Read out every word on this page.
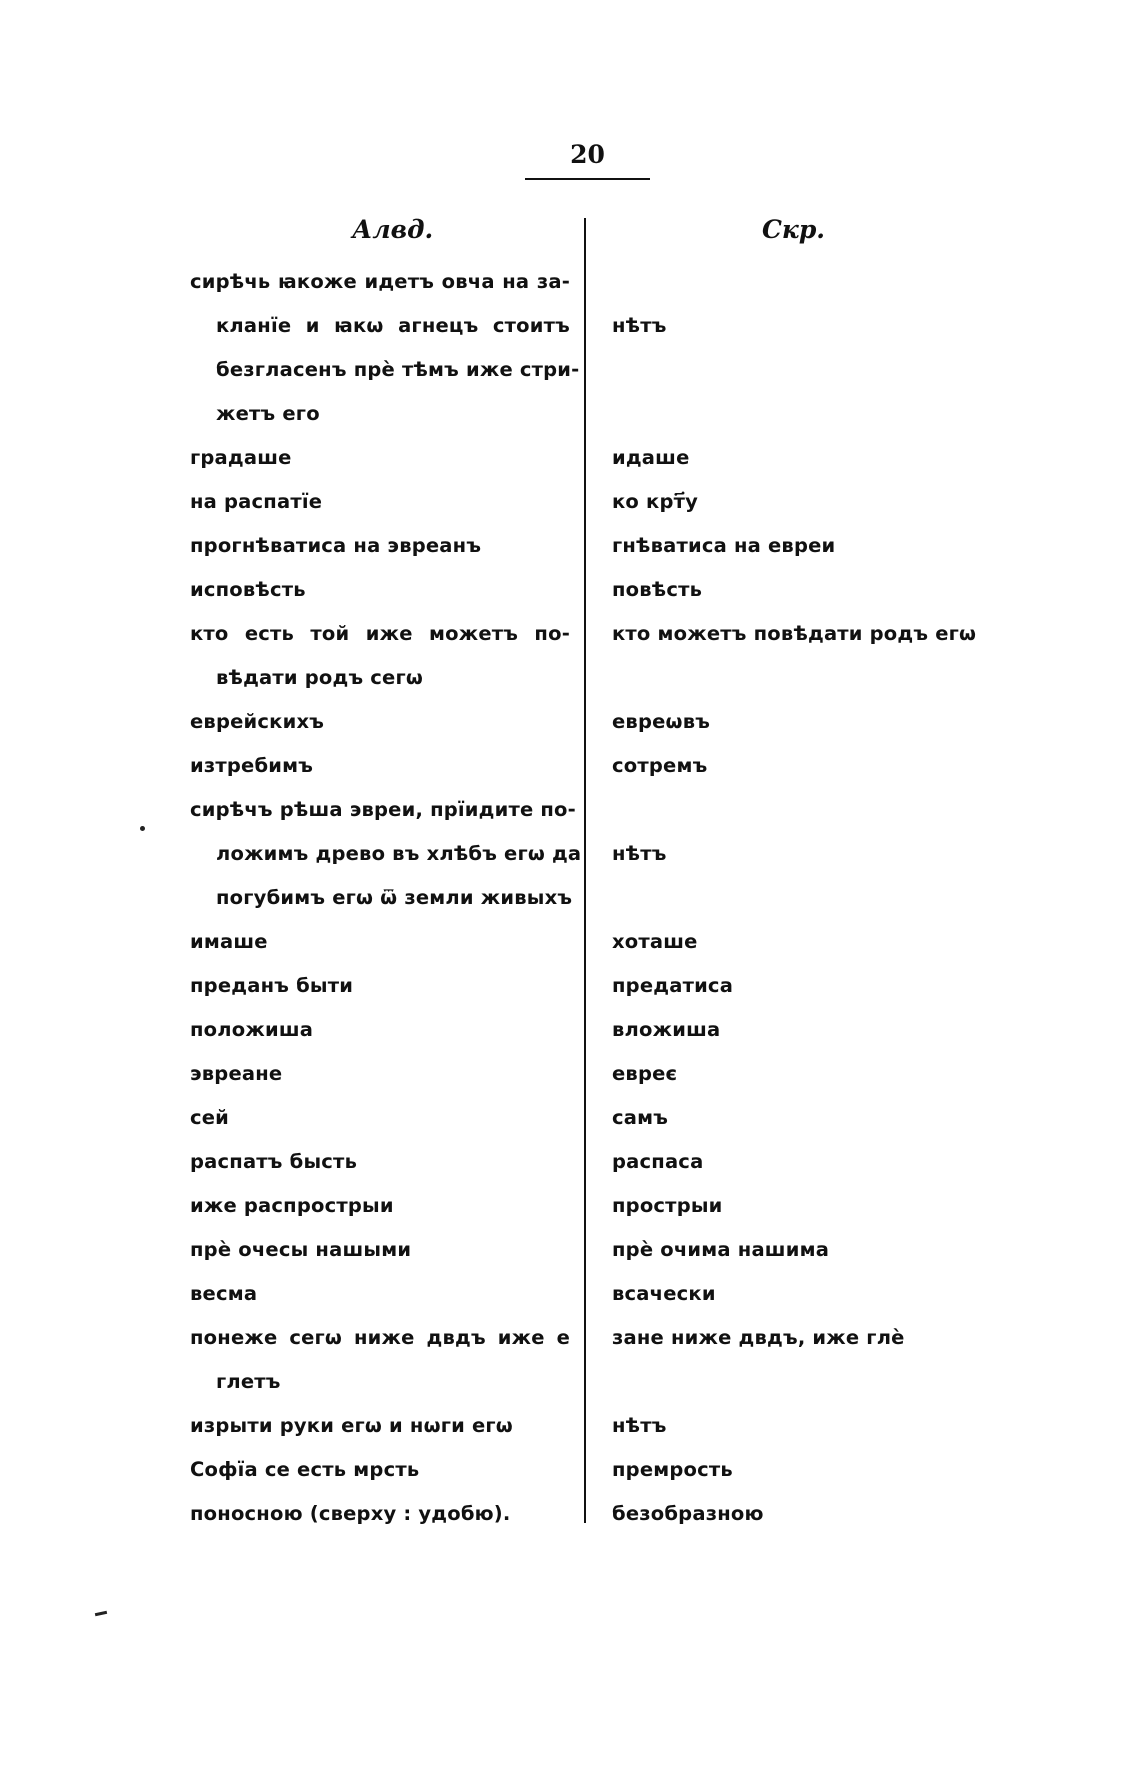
20
Алвд.	Скр.
сирѣчь ꙗкоже идетъ овча на за-
кланїе и ꙗкѡ агнецъ стоитъ
безгласенъ прѐ тѣмъ иже стри-
жетъ его
градаше
на распатїе
прогнѣватиса на эвреанъ
исповѣсть
кто есть той иже можетъ по-
вѣдати родъ сегѡ
еврейскихъ
изтребимъ
сирѣчъ рѣша эвреи, прїидите по-
ложимъ древо въ хлѣбъ егѡ да
погубимъ егѡ ѿ земли живыхъ
имаше
преданъ быти
положиша
эвреане
сей
распатъ бысть
иже распрострыи
прѐ очесы нашыми
весма
понеже сегѡ ниже двдъ иже е
глетъ
изрыти руки егѡ и нѡги егѡ
Софїа се есть мрсть
поносною (сверху : удобю).
нѣтъ
идаше
ко крт҃у
гнѣватиса на евреи
повѣсть
кто можетъ повѣдати родъ егѡ
евреѡвъ
сотремъ
нѣтъ
хоташе
предатиса
вложиша
евреє
самъ
распаса
прострыи
прѐ очима нашима
всачески
зане ниже двдъ, иже глѐ
нѣтъ
премрость
безобразною
